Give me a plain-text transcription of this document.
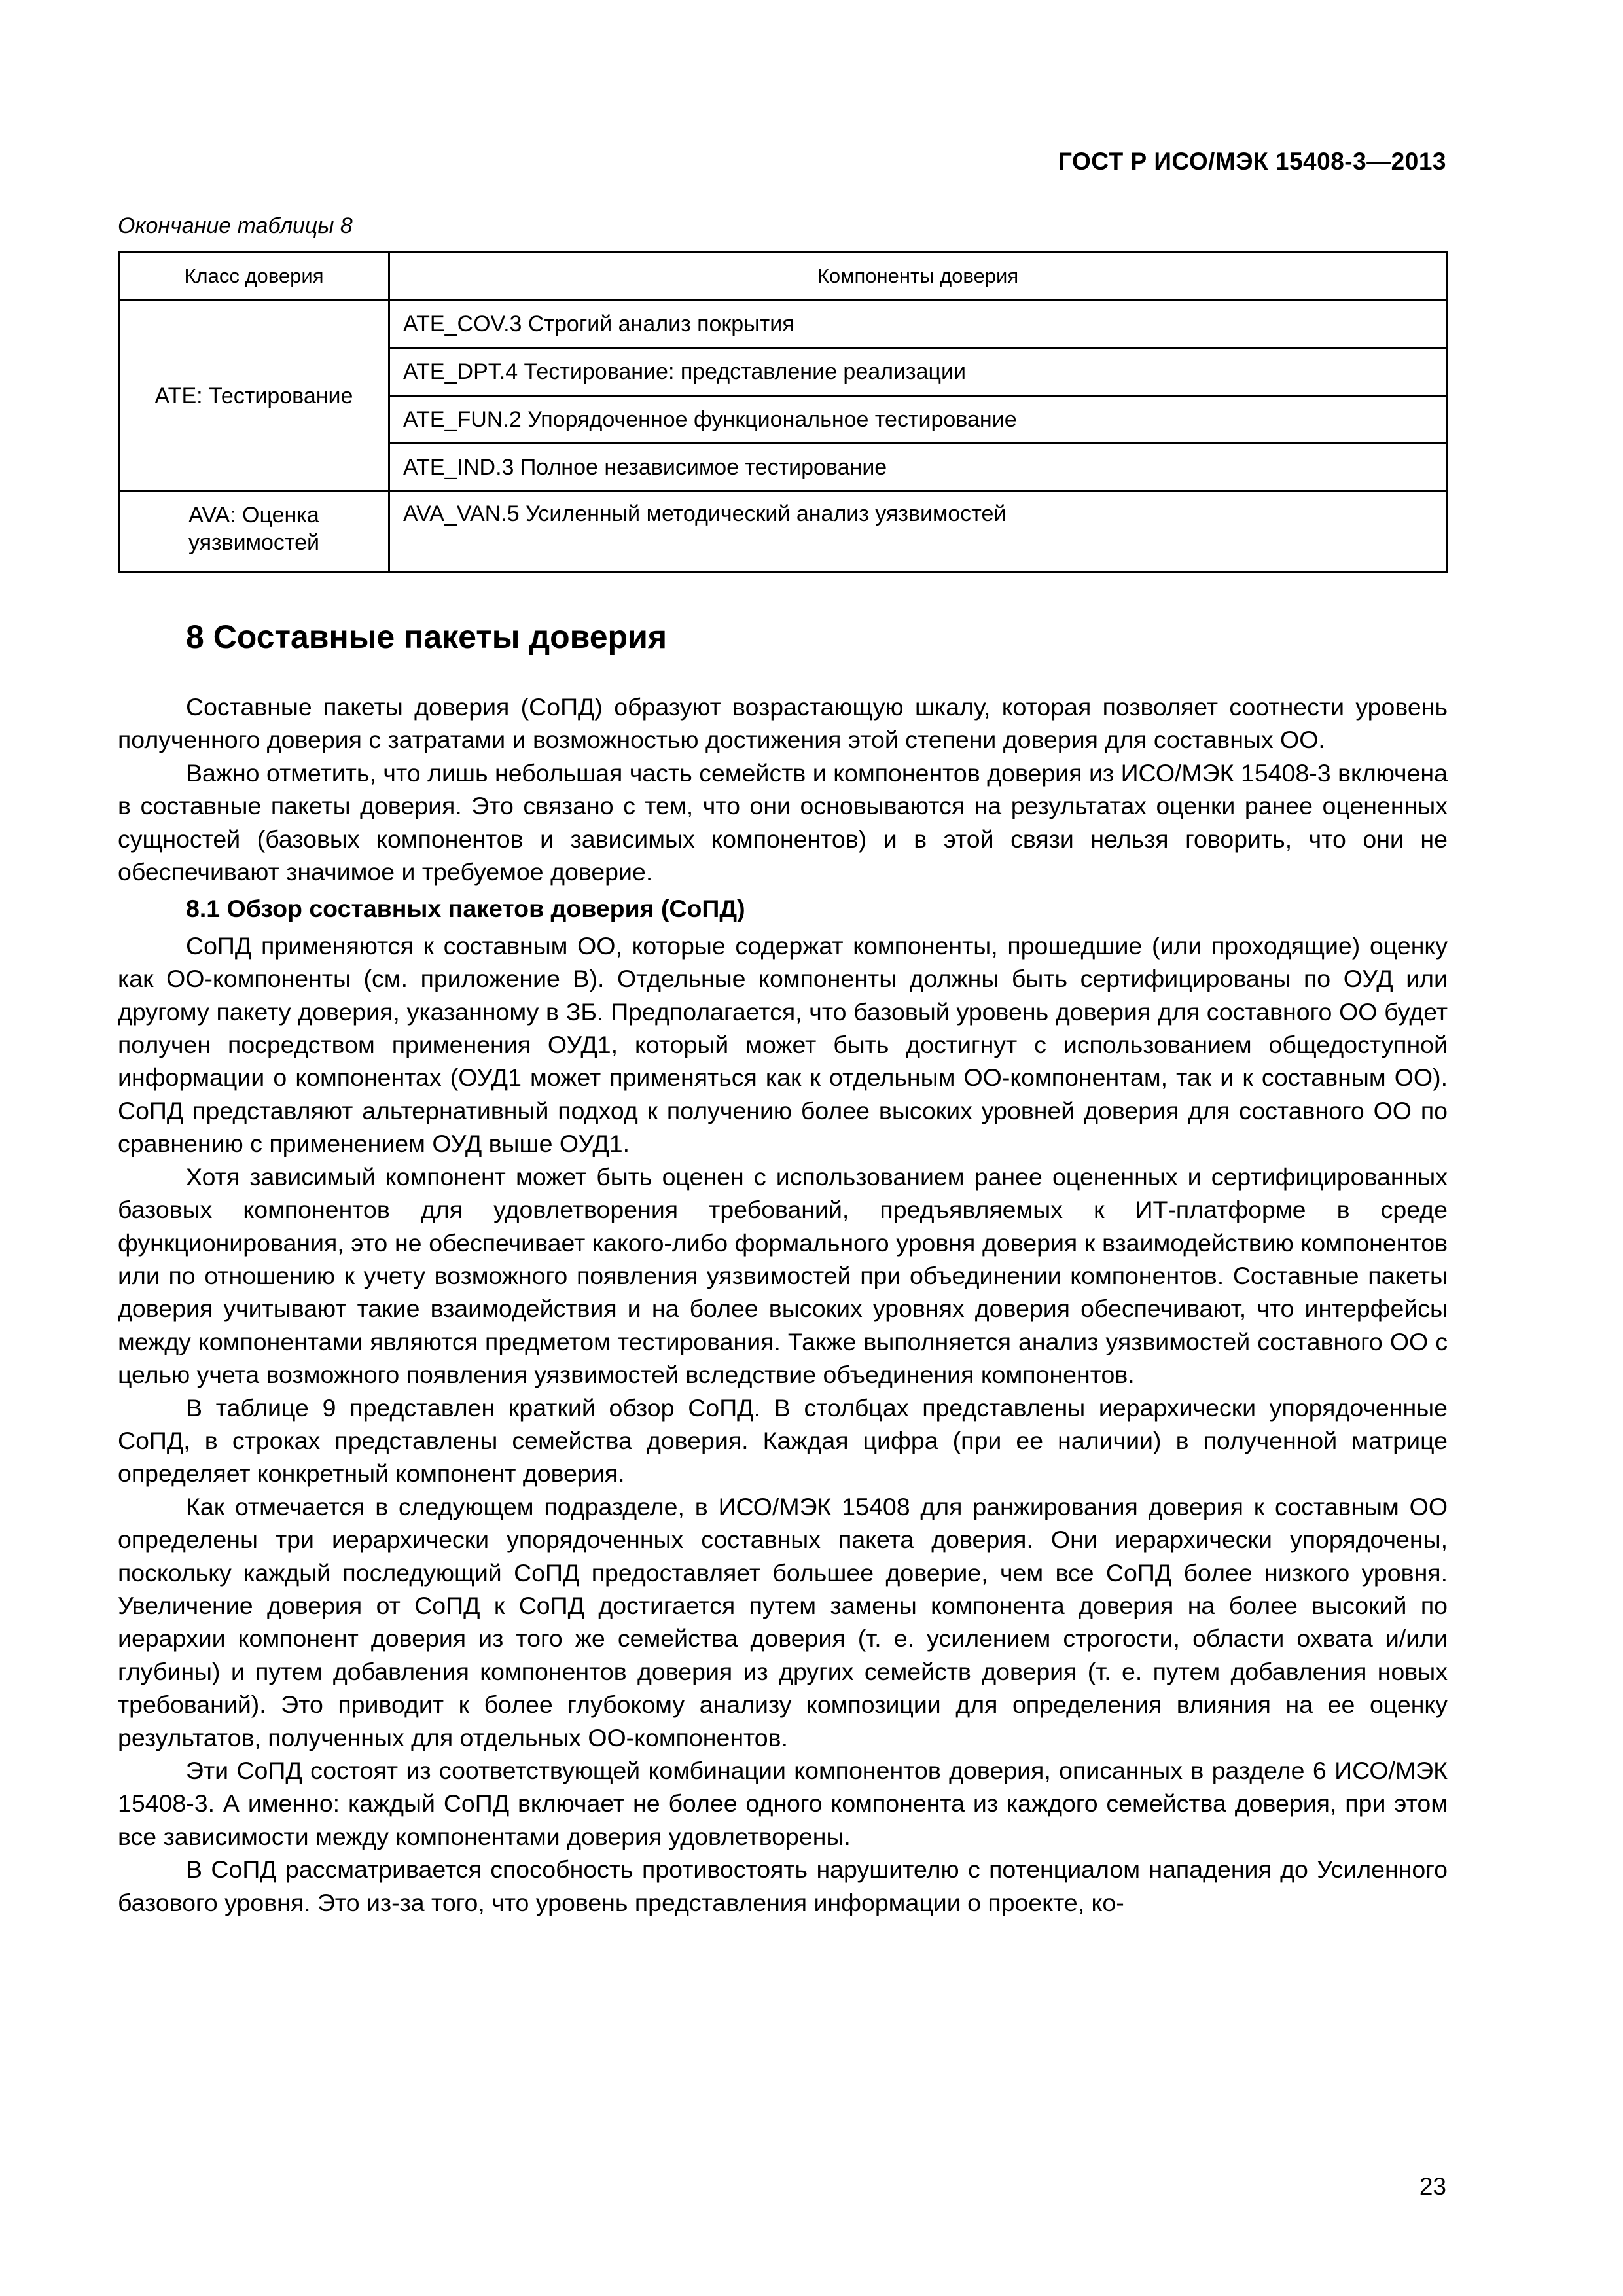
ГОСТ Р ИСО/МЭК 15408-3—2013
Окончание таблицы 8
Класс доверия	Компоненты доверия
ATE: Тестирование	ATE_COV.3 Строгий анализ покрытия
	ATE_DPT.4 Тестирование: представление реализации
	ATE_FUN.2 Упорядоченное функциональное тестирование
	ATE_IND.3 Полное независимое тестирование
AVA: Оценка уязвимостей	AVA_VAN.5 Усиленный методический анализ уязвимостей
8 Составные пакеты доверия

Составные пакеты доверия (СоПД) образуют возрастающую шкалу, которая позволяет соотнести уровень полученного доверия с затратами и возможностью достижения этой степени доверия для составных ОО.

Важно отметить, что лишь небольшая часть семейств и компонентов доверия из ИСО/МЭК 15408-3 включена в составные пакеты доверия. Это связано с тем, что они основываются на результатах оценки ранее оцененных сущностей (базовых компонентов и зависимых компонентов) и в этой связи нельзя говорить, что они не обеспечивают значимое и требуемое доверие.

8.1 Обзор составных пакетов доверия (СоПД)

СоПД применяются к составным ОО, которые содержат компоненты, прошедшие (или проходящие) оценку как ОО-компоненты (см. приложение В). Отдельные компоненты должны быть сертифицированы по ОУД или другому пакету доверия, указанному в ЗБ. Предполагается, что базовый уровень доверия для составного ОО будет получен посредством применения ОУД1, который может быть достигнут с использованием общедоступной информации о компонентах (ОУД1 может применяться как к отдельным ОО-компонентам, так и к составным ОО). СоПД представляют альтернативный подход к получению более высоких уровней доверия для составного ОО по сравнению с применением ОУД выше ОУД1.

Хотя зависимый компонент может быть оценен с использованием ранее оцененных и сертифицированных базовых компонентов для удовлетворения требований, предъявляемых к ИТ-платформе в среде функционирования, это не обеспечивает какого-либо формального уровня доверия к взаимодействию компонентов или по отношению к учету возможного появления уязвимостей при объединении компонентов. Составные пакеты доверия учитывают такие взаимодействия и на более высоких уровнях доверия обеспечивают, что интерфейсы между компонентами являются предметом тестирования. Также выполняется анализ уязвимостей составного ОО с целью учета возможного появления уязвимостей вследствие объединения компонентов.

В таблице 9 представлен краткий обзор СоПД. В столбцах представлены иерархически упорядоченные СоПД, в строках представлены семейства доверия. Каждая цифра (при ее наличии) в полученной матрице определяет конкретный компонент доверия.

Как отмечается в следующем подразделе, в ИСО/МЭК 15408 для ранжирования доверия к составным ОО определены три иерархически упорядоченных составных пакета доверия. Они иерархически упорядочены, поскольку каждый последующий СоПД предоставляет большее доверие, чем все СоПД более низкого уровня. Увеличение доверия от СоПД к СоПД достигается путем замены компонента доверия на более высокий по иерархии компонент доверия из того же семейства доверия (т. е. усилением строгости, области охвата и/или глубины) и путем добавления компонентов доверия из других семейств доверия (т. е. путем добавления новых требований). Это приводит к более глубокому анализу композиции для определения влияния на ее оценку результатов, полученных для отдельных ОО-компонентов.

Эти СоПД состоят из соответствующей комбинации компонентов доверия, описанных в разделе 6 ИСО/МЭК 15408-3. А именно: каждый СоПД включает не более одного компонента из каждого семейства доверия, при этом все зависимости между компонентами доверия удовлетворены.

В СоПД рассматривается способность противостоять нарушителю с потенциалом нападения до Усиленного базового уровня. Это из-за того, что уровень представления информации о проекте, ко-

23
